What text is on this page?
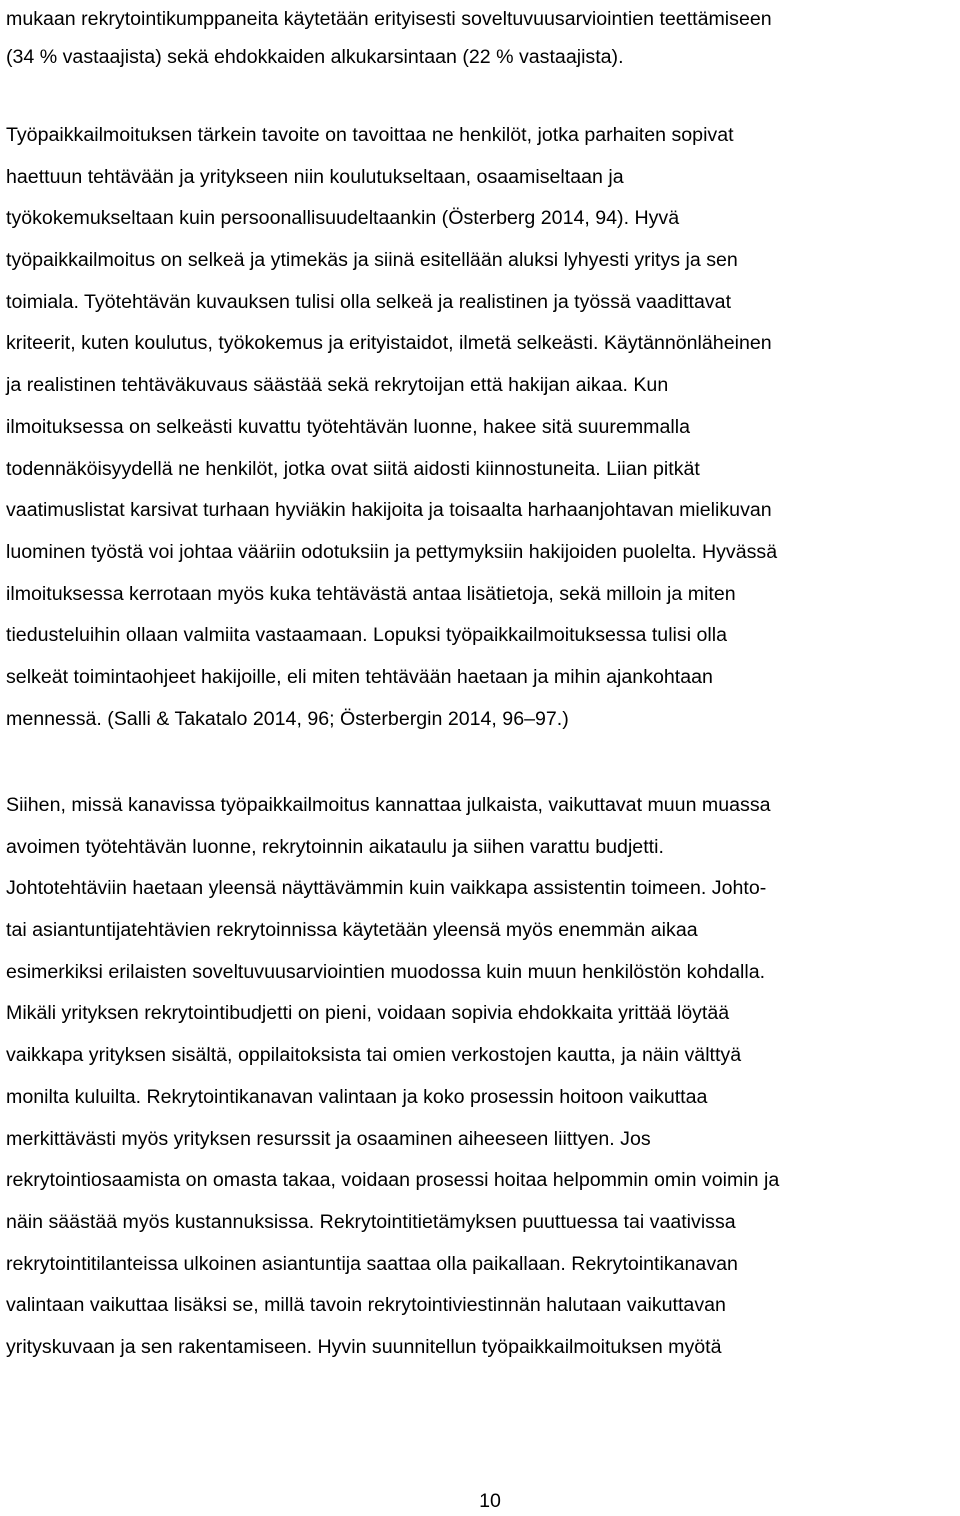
mukaan rekrytointikumppaneita käytetään erityisesti soveltuvuusarviointien teettämiseen
(34 % vastaajista) sekä ehdokkaiden alkukarsintaan (22 % vastaajista).
Työpaikkailmoituksen tärkein tavoite on tavoittaa ne henkilöt, jotka parhaiten sopivat
haettuun tehtävään ja yritykseen niin koulutukseltaan, osaamiseltaan ja
työkokemukseltaan kuin persoonallisuudeltaankin (Österberg 2014, 94). Hyvä
työpaikkailmoitus on selkeä ja ytimekäs ja siinä esitellään aluksi lyhyesti yritys ja sen
toimiala. Työtehtävän kuvauksen tulisi olla selkeä ja realistinen ja työssä vaadittavat
kriteerit, kuten koulutus, työkokemus ja erityistaidot, ilmetä selkeästi. Käytännönläheinen
ja realistinen tehtäväkuvaus säästää sekä rekrytoijan että hakijan aikaa. Kun
ilmoituksessa on selkeästi kuvattu työtehtävän luonne, hakee sitä suuremmalla
todennäköisyydellä ne henkilöt, jotka ovat siitä aidosti kiinnostuneita. Liian pitkät
vaatimuslistat karsivat turhaan hyviäkin hakijoita ja toisaalta harhaanjohtavan mielikuvan
luominen työstä voi johtaa vääriin odotuksiin ja pettymyksiin hakijoiden puolelta. Hyvässä
ilmoituksessa kerrotaan myös kuka tehtävästä antaa lisätietoja, sekä milloin ja miten
tiedusteluihin ollaan valmiita vastaamaan. Lopuksi työpaikkailmoituksessa tulisi olla
selkeät toimintaohjeet hakijoille, eli miten tehtävään haetaan ja mihin ajankohtaan
mennessä. (Salli & Takatalo 2014, 96; Österbergin 2014, 96–97.)
Siihen, missä kanavissa työpaikkailmoitus kannattaa julkaista, vaikuttavat muun muassa
avoimen työtehtävän luonne, rekrytoinnin aikataulu ja siihen varattu budjetti.
Johtotehtäviin haetaan yleensä näyttävämmin kuin vaikkapa assistentin toimeen. Johto-
tai asiantuntijatehtävien rekrytoinnissa käytetään yleensä myös enemmän aikaa
esimerkiksi erilaisten soveltuvuusarviointien muodossa kuin muun henkilöstön kohdalla.
Mikäli yrityksen rekrytointibudjetti on pieni, voidaan sopivia ehdokkaita yrittää löytää
vaikkapa yrityksen sisältä, oppilaitoksista tai omien verkostojen kautta, ja näin välttyä
monilta kuluilta. Rekrytointikanavan valintaan ja koko prosessin hoitoon vaikuttaa
merkittävästi myös yrityksen resurssit ja osaaminen aiheeseen liittyen. Jos
rekrytointiosaamista on omasta takaa, voidaan prosessi hoitaa helpommin omin voimin ja
näin säästää myös kustannuksissa. Rekrytointitietämyksen puuttuessa tai vaativissa
rekrytointitilanteissa ulkoinen asiantuntija saattaa olla paikallaan. Rekrytointikanavan
valintaan vaikuttaa lisäksi se, millä tavoin rekrytointiviestinnän halutaan vaikuttavan
yrityskuvaan ja sen rakentamiseen. Hyvin suunnitellun työpaikkailmoituksen myötä
10
